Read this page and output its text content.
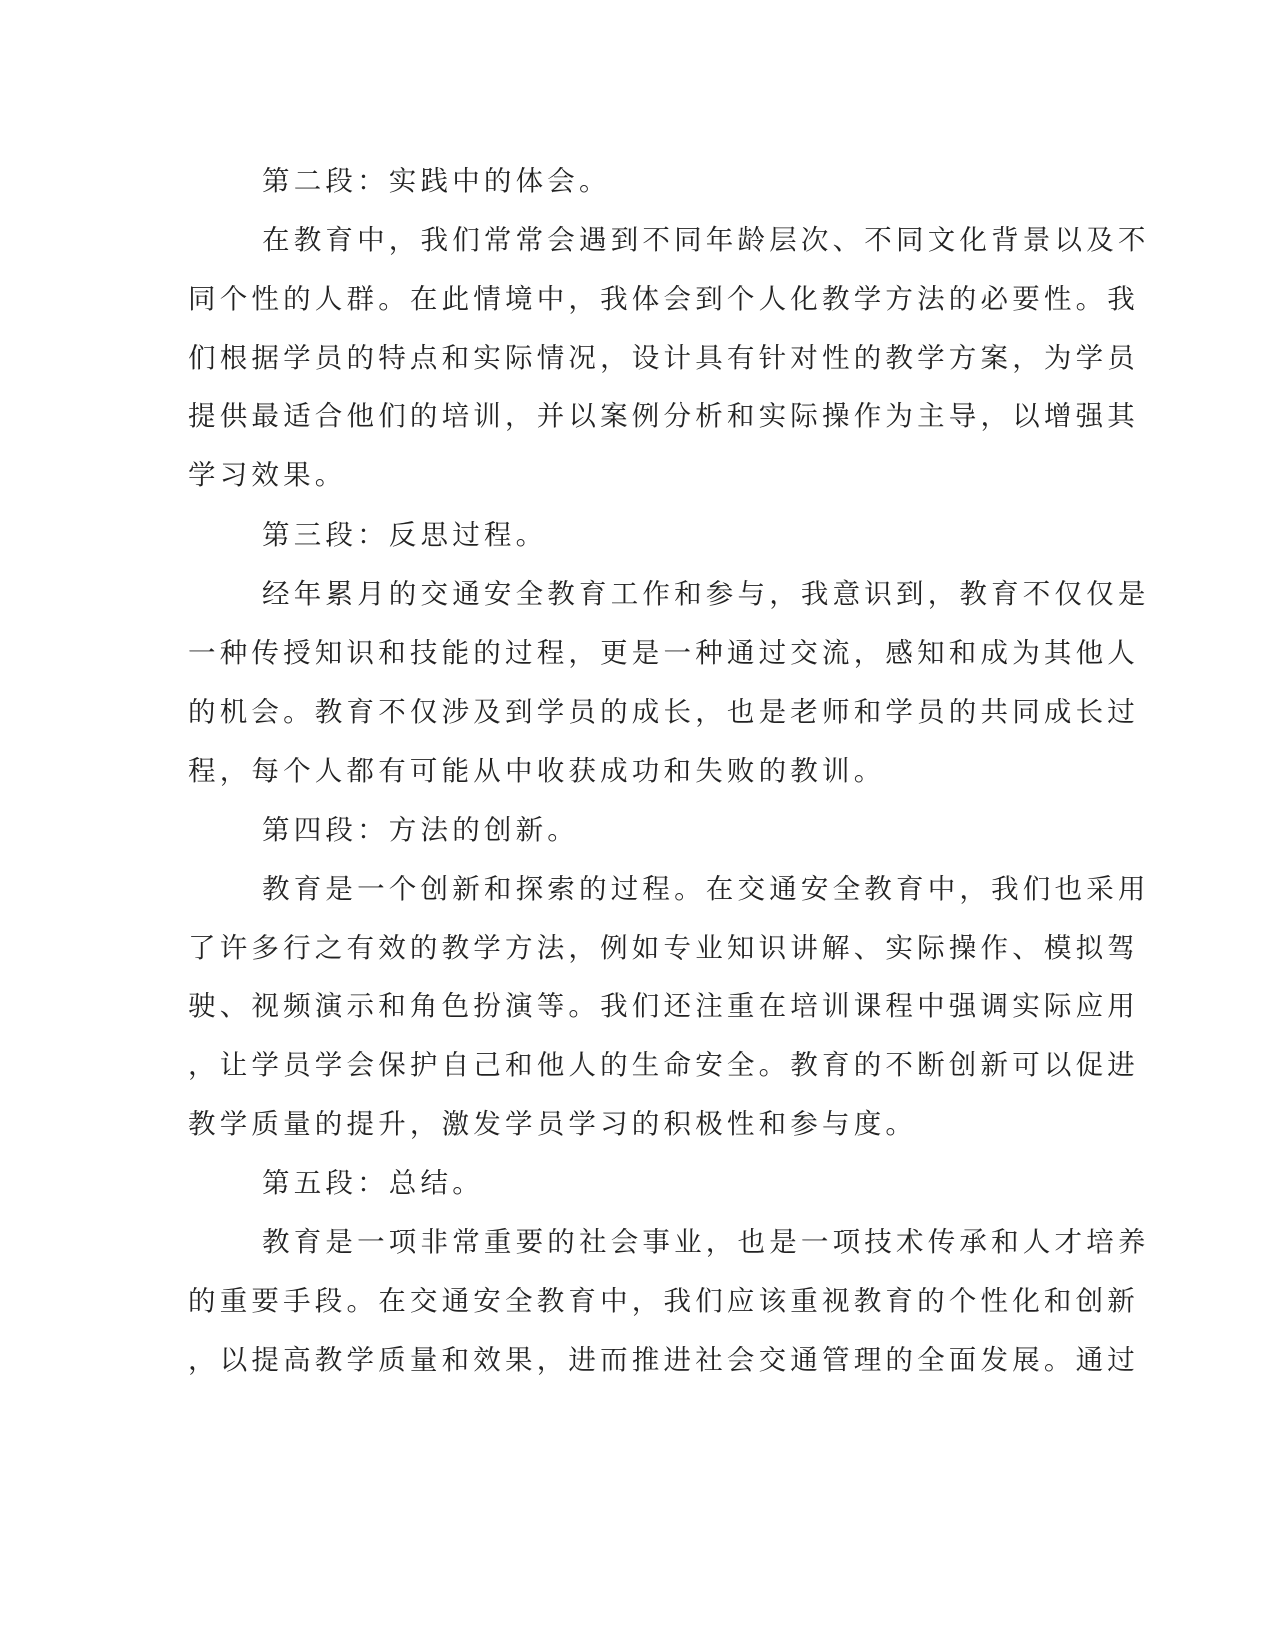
第二段：实践中的体会。
在教育中，我们常常会遇到不同年龄层次、不同文化背景以及不
同个性的人群。在此情境中，我体会到个人化教学方法的必要性。我
们根据学员的特点和实际情况，设计具有针对性的教学方案，为学员
提供最适合他们的培训，并以案例分析和实际操作为主导，以增强其
学习效果。
第三段：反思过程。
经年累月的交通安全教育工作和参与，我意识到，教育不仅仅是
一种传授知识和技能的过程，更是一种通过交流，感知和成为其他人
的机会。教育不仅涉及到学员的成长，也是老师和学员的共同成长过
程，每个人都有可能从中收获成功和失败的教训。
第四段：方法的创新。
教育是一个创新和探索的过程。在交通安全教育中，我们也采用
了许多行之有效的教学方法，例如专业知识讲解、实际操作、模拟驾
驶、视频演示和角色扮演等。我们还注重在培训课程中强调实际应用
，让学员学会保护自己和他人的生命安全。教育的不断创新可以促进
教学质量的提升，激发学员学习的积极性和参与度。
第五段：总结。
教育是一项非常重要的社会事业，也是一项技术传承和人才培养
的重要手段。在交通安全教育中，我们应该重视教育的个性化和创新
，以提高教学质量和效果，进而推进社会交通管理的全面发展。通过
